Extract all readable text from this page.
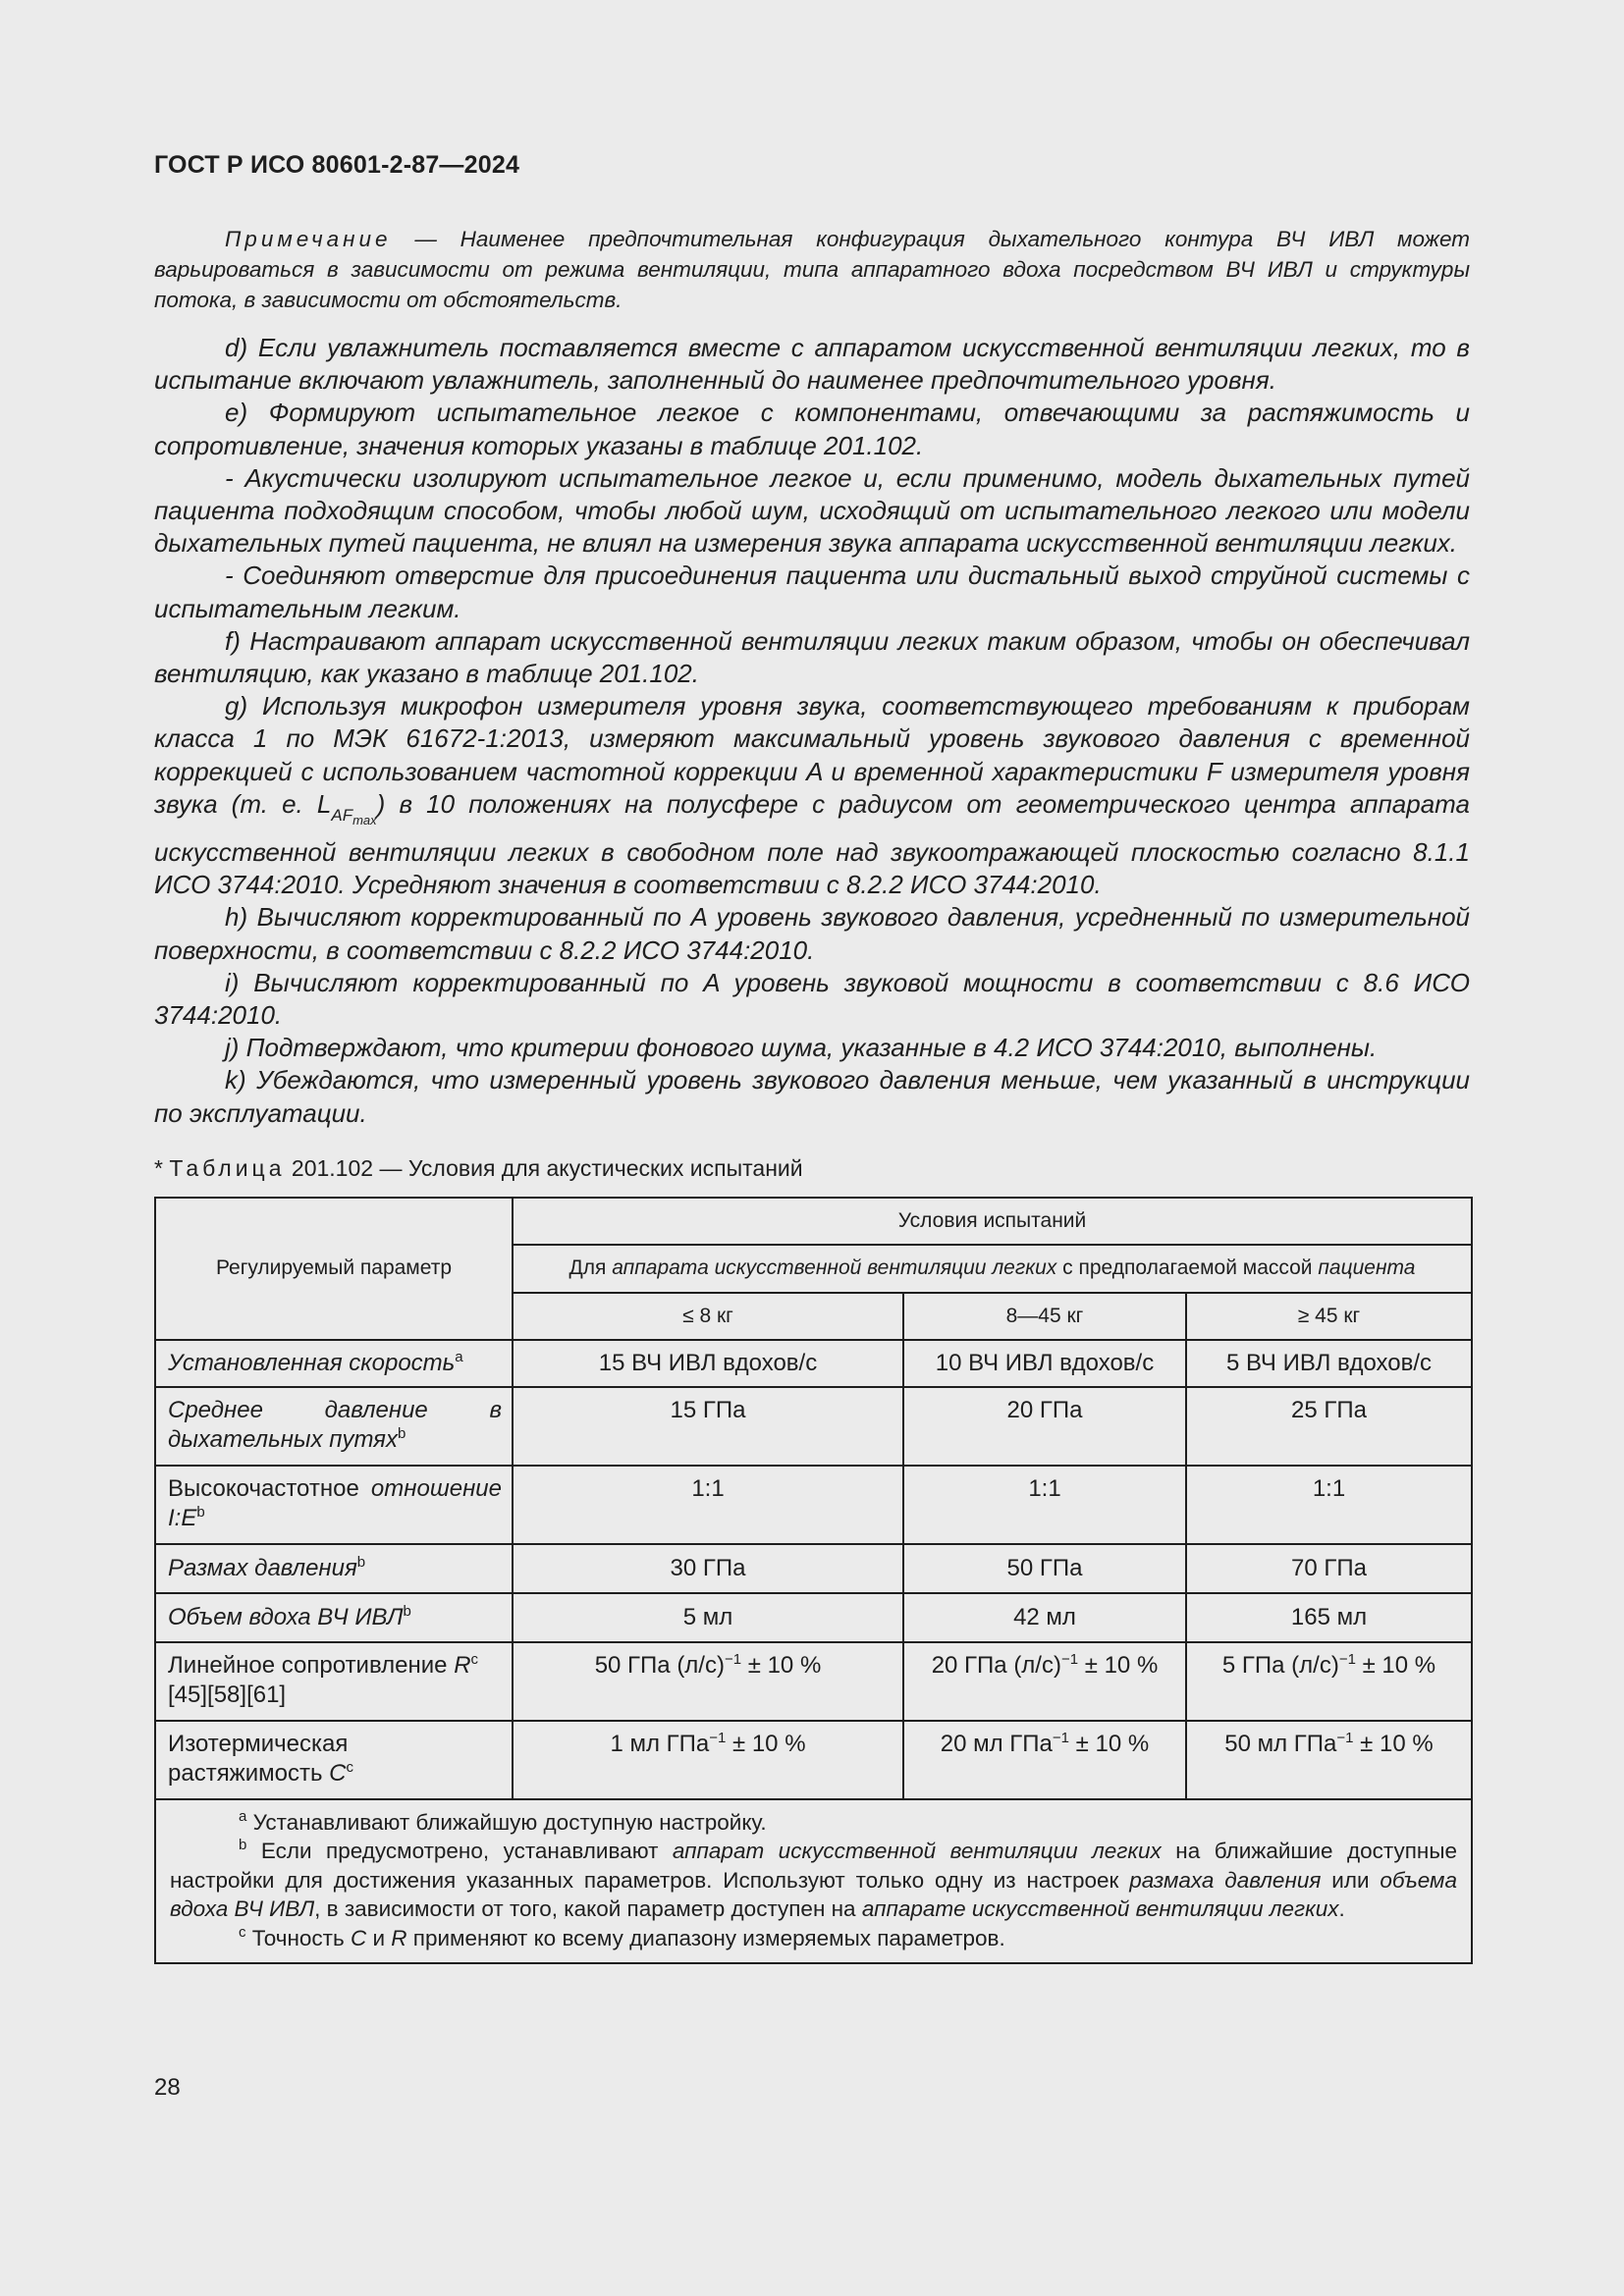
ГОСТ Р ИСО 80601-2-87—2024

Примечание — Наименее предпочтительная конфигурация дыхательного контура ВЧ ИВЛ может варьироваться в зависимости от режима вентиляции, типа аппаратного вдоха посредством ВЧ ИВЛ и структуры потока, в зависимости от обстоятельств.

d) Если увлажнитель поставляется вместе с аппаратом искусственной вентиляции легких, то в испытание включают увлажнитель, заполненный до наименее предпочтительного уровня.

e) Формируют испытательное легкое с компонентами, отвечающими за растяжимость и сопротивление, значения которых указаны в таблице 201.102.

- Акустически изолируют испытательное легкое и, если применимо, модель дыхательных путей пациента подходящим способом, чтобы любой шум, исходящий от испытательного легкого или модели дыхательных путей пациента, не влиял на измерения звука аппарата искусственной вентиляции легких.

- Соединяют отверстие для присоединения пациента или дистальный выход струйной системы с испытательным легким.

f) Настраивают аппарат искусственной вентиляции легких таким образом, чтобы он обеспечивал вентиляцию, как указано в таблице 201.102.

g) Используя микрофон измерителя уровня звука, соответствующего требованиям к приборам класса 1 по МЭК 61672-1:2013, измеряют максимальный уровень звукового давления с временной коррекцией с использованием частотной коррекции A и временной характеристики F измерителя уровня звука (т. е. $L_{AF_{max}}$) в 10 положениях на полусфере с радиусом от геометрического центра аппарата искусственной вентиляции легких в свободном поле над звукоотражающей плоскостью согласно 8.1.1 ИСО 3744:2010. Усредняют значения в соответствии с 8.2.2 ИСО 3744:2010.

h) Вычисляют корректированный по A уровень звукового давления, усредненный по измерительной поверхности, в соответствии с 8.2.2 ИСО 3744:2010.

i) Вычисляют корректированный по A уровень звуковой мощности в соответствии с 8.6 ИСО 3744:2010.

j) Подтверждают, что критерии фонового шума, указанные в 4.2 ИСО 3744:2010, выполнены.

k) Убеждаются, что измеренный уровень звукового давления меньше, чем указанный в инструкции по эксплуатации.

* Таблица 201.102 — Условия для акустических испытаний
Регулируемый параметр	Условия испытаний		
	Для аппарата искусственной вентиляции легких с предполагаемой массой пациента		
	≤ 8 кг	8—45 кг	≥ 45 кг
Установленная скорость$^a$	15 ВЧ ИВЛ вдохов/с	10 ВЧ ИВЛ вдохов/с	5 ВЧ ИВЛ вдохов/с
Среднее давление в дыхательных путях$^b$	15 ГПа	20 ГПа	25 ГПа
Высокочастотное отношение $I:E^b$	1:1	1:1	1:1
Размах давления$^b$	30 ГПа	50 ГПа	70 ГПа
Объем вдоха ВЧ ИВЛ$^b$	5 мл	42 мл	165 мл
Линейное сопротивление $R^c$
[45][58][61]	50 ГПа $(л/с)^{-1} \pm 10$ %	20 ГПа $(л/с)^{-1} \pm 10$ %	5 ГПа $(л/с)^{-1} \pm 10$ %
Изотермическая растяжимость $C^c$	1 мл ГПа$^{-1}$ ± 10 %	20 мл ГПа$^{-1}$ ± 10 %	50 мл ГПа$^{-1}$ ± 10 %

$^a$ Устанавливают ближайшую доступную настройку.

$^b$ Если предусмотрено, устанавливают аппарат искусственной вентиляции легких на ближайшие доступные настройки для достижения указанных параметров. Используют только одну из настроек размаха давления или объема вдоха ВЧ ИВЛ, в зависимости от того, какой параметр доступен на аппарате искусственной вентиляции легких.

$^c$ Точность C и R применяют ко всему диапазону измеряемых параметров.			

28
